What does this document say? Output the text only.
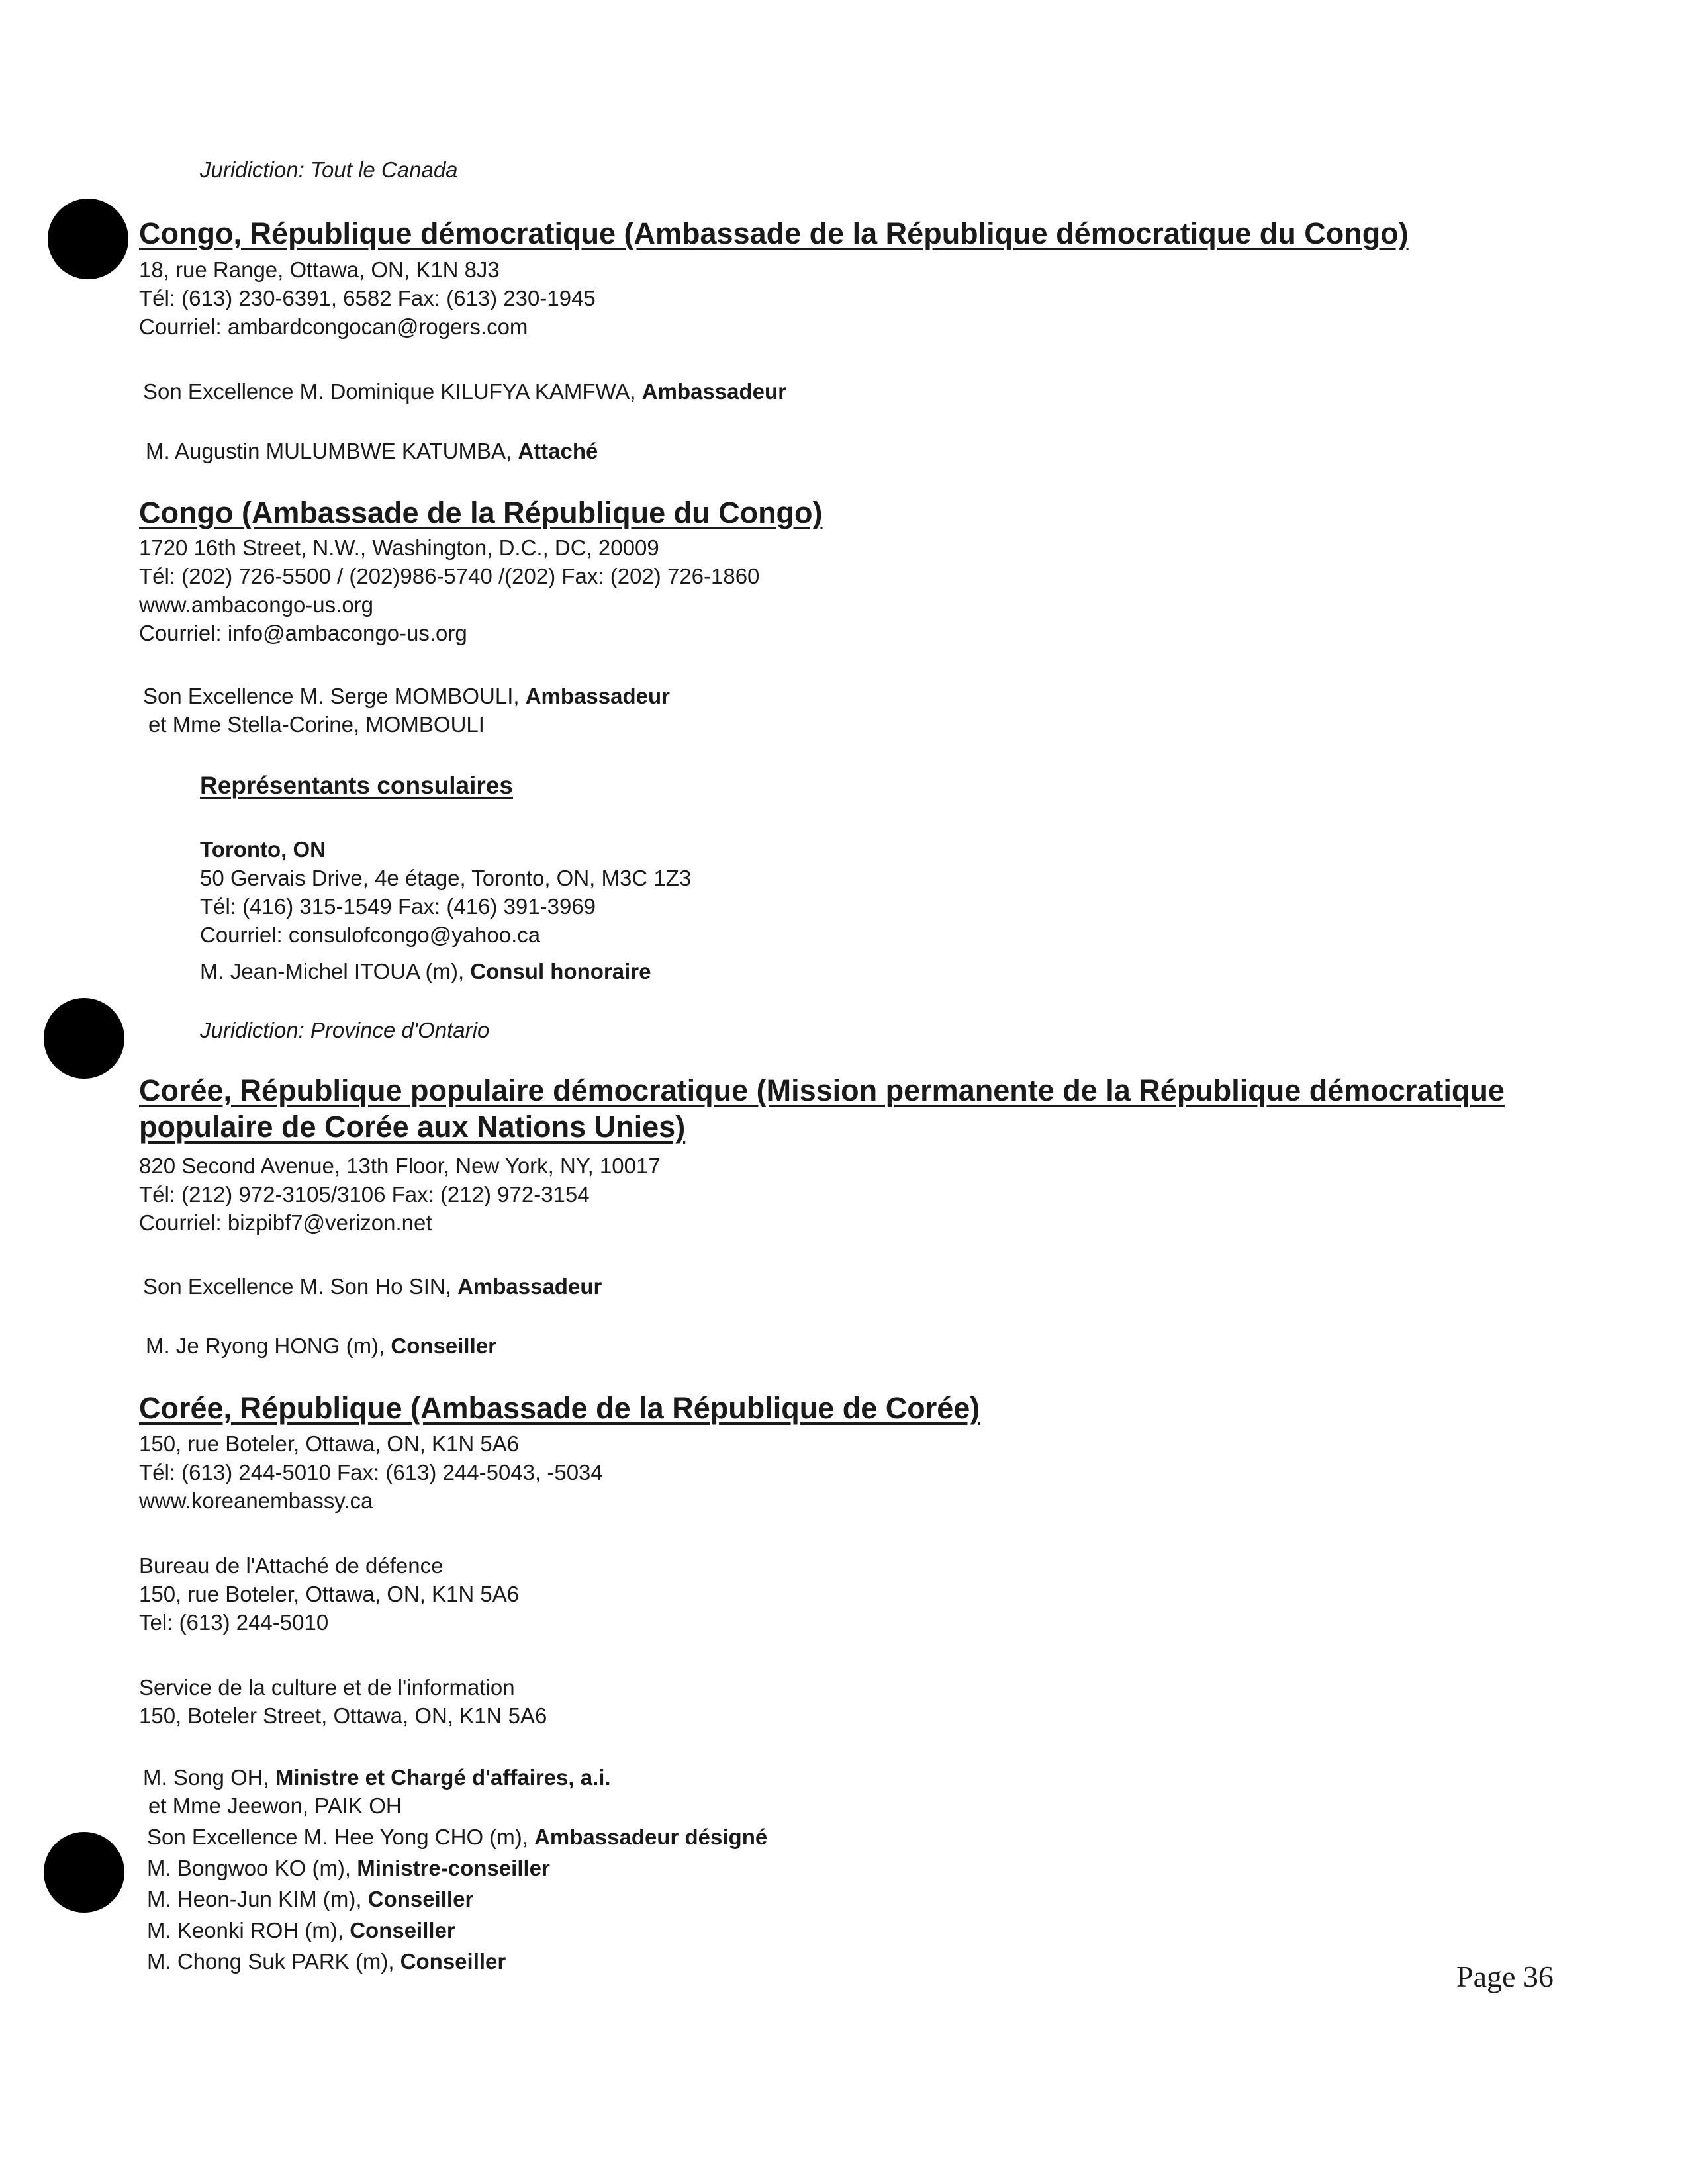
Juridiction: Tout le Canada
Congo, République démocratique (Ambassade de la République démocratique du Congo)
18, rue Range, Ottawa, ON, K1N 8J3
Tél: (613) 230-6391, 6582 Fax: (613) 230-1945
Courriel: ambardcongocan@rogers.com
Son Excellence M. Dominique KILUFYA KAMFWA, Ambassadeur
M. Augustin MULUMBWE KATUMBA, Attaché
Congo (Ambassade de la République du Congo)
1720 16th Street, N.W., Washington, D.C., DC, 20009
Tél: (202) 726-5500 / (202)986-5740 /(202) Fax: (202) 726-1860
www.ambacongo-us.org
Courriel: info@ambacongo-us.org
Son Excellence M. Serge MOMBOULI, Ambassadeur
et Mme Stella-Corine, MOMBOULI
Représentants consulaires
Toronto, ON
50 Gervais Drive, 4e étage, Toronto, ON, M3C 1Z3
Tél: (416) 315-1549 Fax: (416) 391-3969
Courriel: consulofcongo@yahoo.ca
M. Jean-Michel ITOUA (m), Consul honoraire
Juridiction: Province d'Ontario
Corée, République populaire démocratique (Mission permanente de la République démocratique
populaire de Corée aux Nations Unies)
820 Second Avenue, 13th Floor, New York, NY, 10017
Tél: (212) 972-3105/3106 Fax: (212) 972-3154
Courriel: bizpibf7@verizon.net
Son Excellence M. Son Ho SIN, Ambassadeur
M. Je Ryong HONG (m), Conseiller
Corée, République (Ambassade de la République de Corée)
150, rue Boteler, Ottawa, ON, K1N 5A6
Tél: (613) 244-5010 Fax: (613) 244-5043, -5034
www.koreanembassy.ca
Bureau de l'Attaché de défence
150, rue Boteler, Ottawa, ON, K1N 5A6
Tel: (613) 244-5010
Service de la culture et de l'information
150, Boteler Street, Ottawa, ON, K1N 5A6
M. Song OH, Ministre et Chargé d'affaires, a.i.
et Mme Jeewon, PAIK OH
Son Excellence M. Hee Yong CHO (m), Ambassadeur désigné
M. Bongwoo KO (m), Ministre-conseiller
M. Heon-Jun KIM (m), Conseiller
M. Keonki ROH (m), Conseiller
M. Chong Suk PARK (m), Conseiller	Page 36
